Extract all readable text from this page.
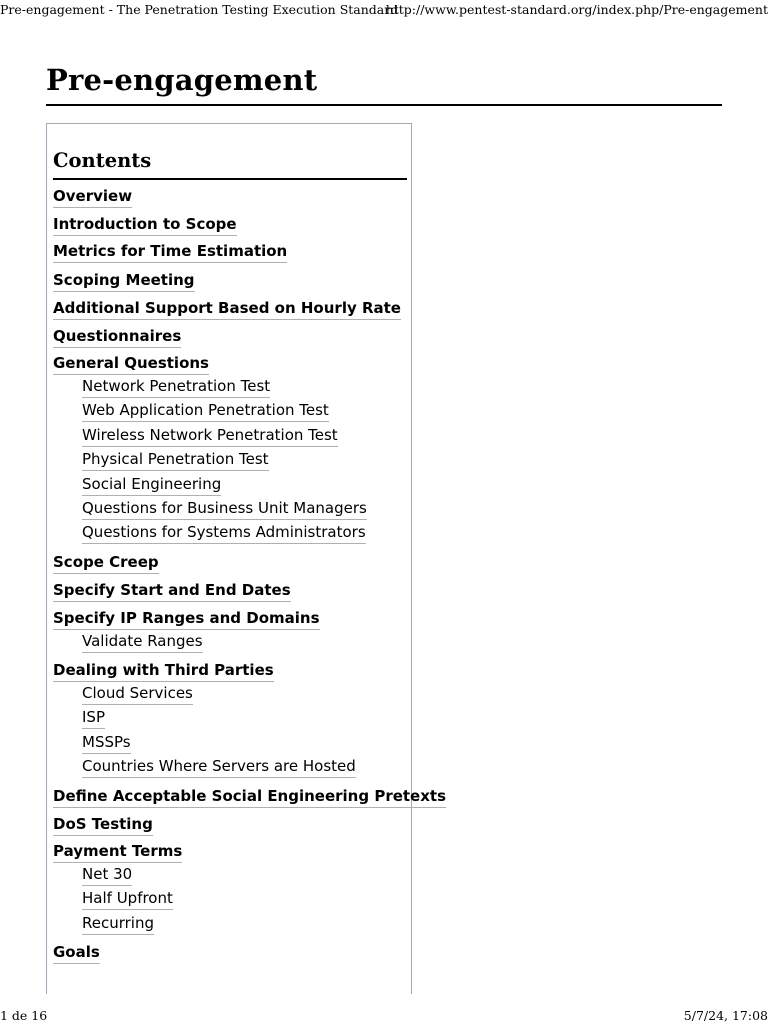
Pre-engagement - The Penetration Testing Execution Standard
http://www.pentest-standard.org/index.php/Pre-engagement
Pre-engagement
Contents
Overview
Introduction to Scope
Metrics for Time Estimation
Scoping Meeting
Additional Support Based on Hourly Rate
Questionnaires
General Questions
Network Penetration Test
Web Application Penetration Test
Wireless Network Penetration Test
Physical Penetration Test
Social Engineering
Questions for Business Unit Managers
Questions for Systems Administrators
Scope Creep
Specify Start and End Dates
Specify IP Ranges and Domains
Validate Ranges
Dealing with Third Parties
Cloud Services
ISP
MSSPs
Countries Where Servers are Hosted
Define Acceptable Social Engineering Pretexts
DoS Testing
Payment Terms
Net 30
Half Upfront
Recurring
Goals
1 de 16	5/7/24, 17:08
